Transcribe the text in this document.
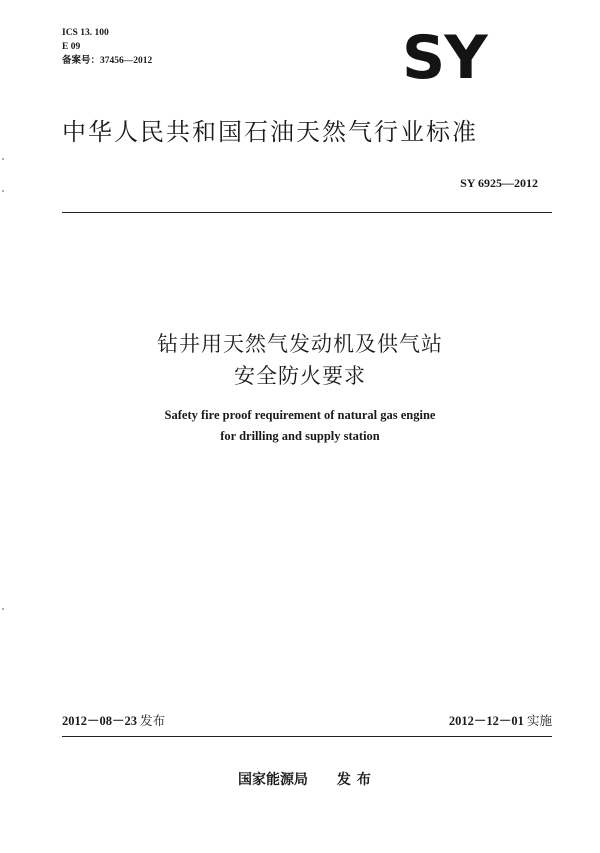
ICS 13. 100
E 09
备案号：37456—2012	SY
中华人民共和国石油天然气行业标准
SY 6925—2012
钻井用天然气发动机及供气站
安全防火要求
Safety fire proof requirement of natural gas engine
for drilling and supply station
2012－08－23 发布	2012－12－01 实施
国家能源局 发布
